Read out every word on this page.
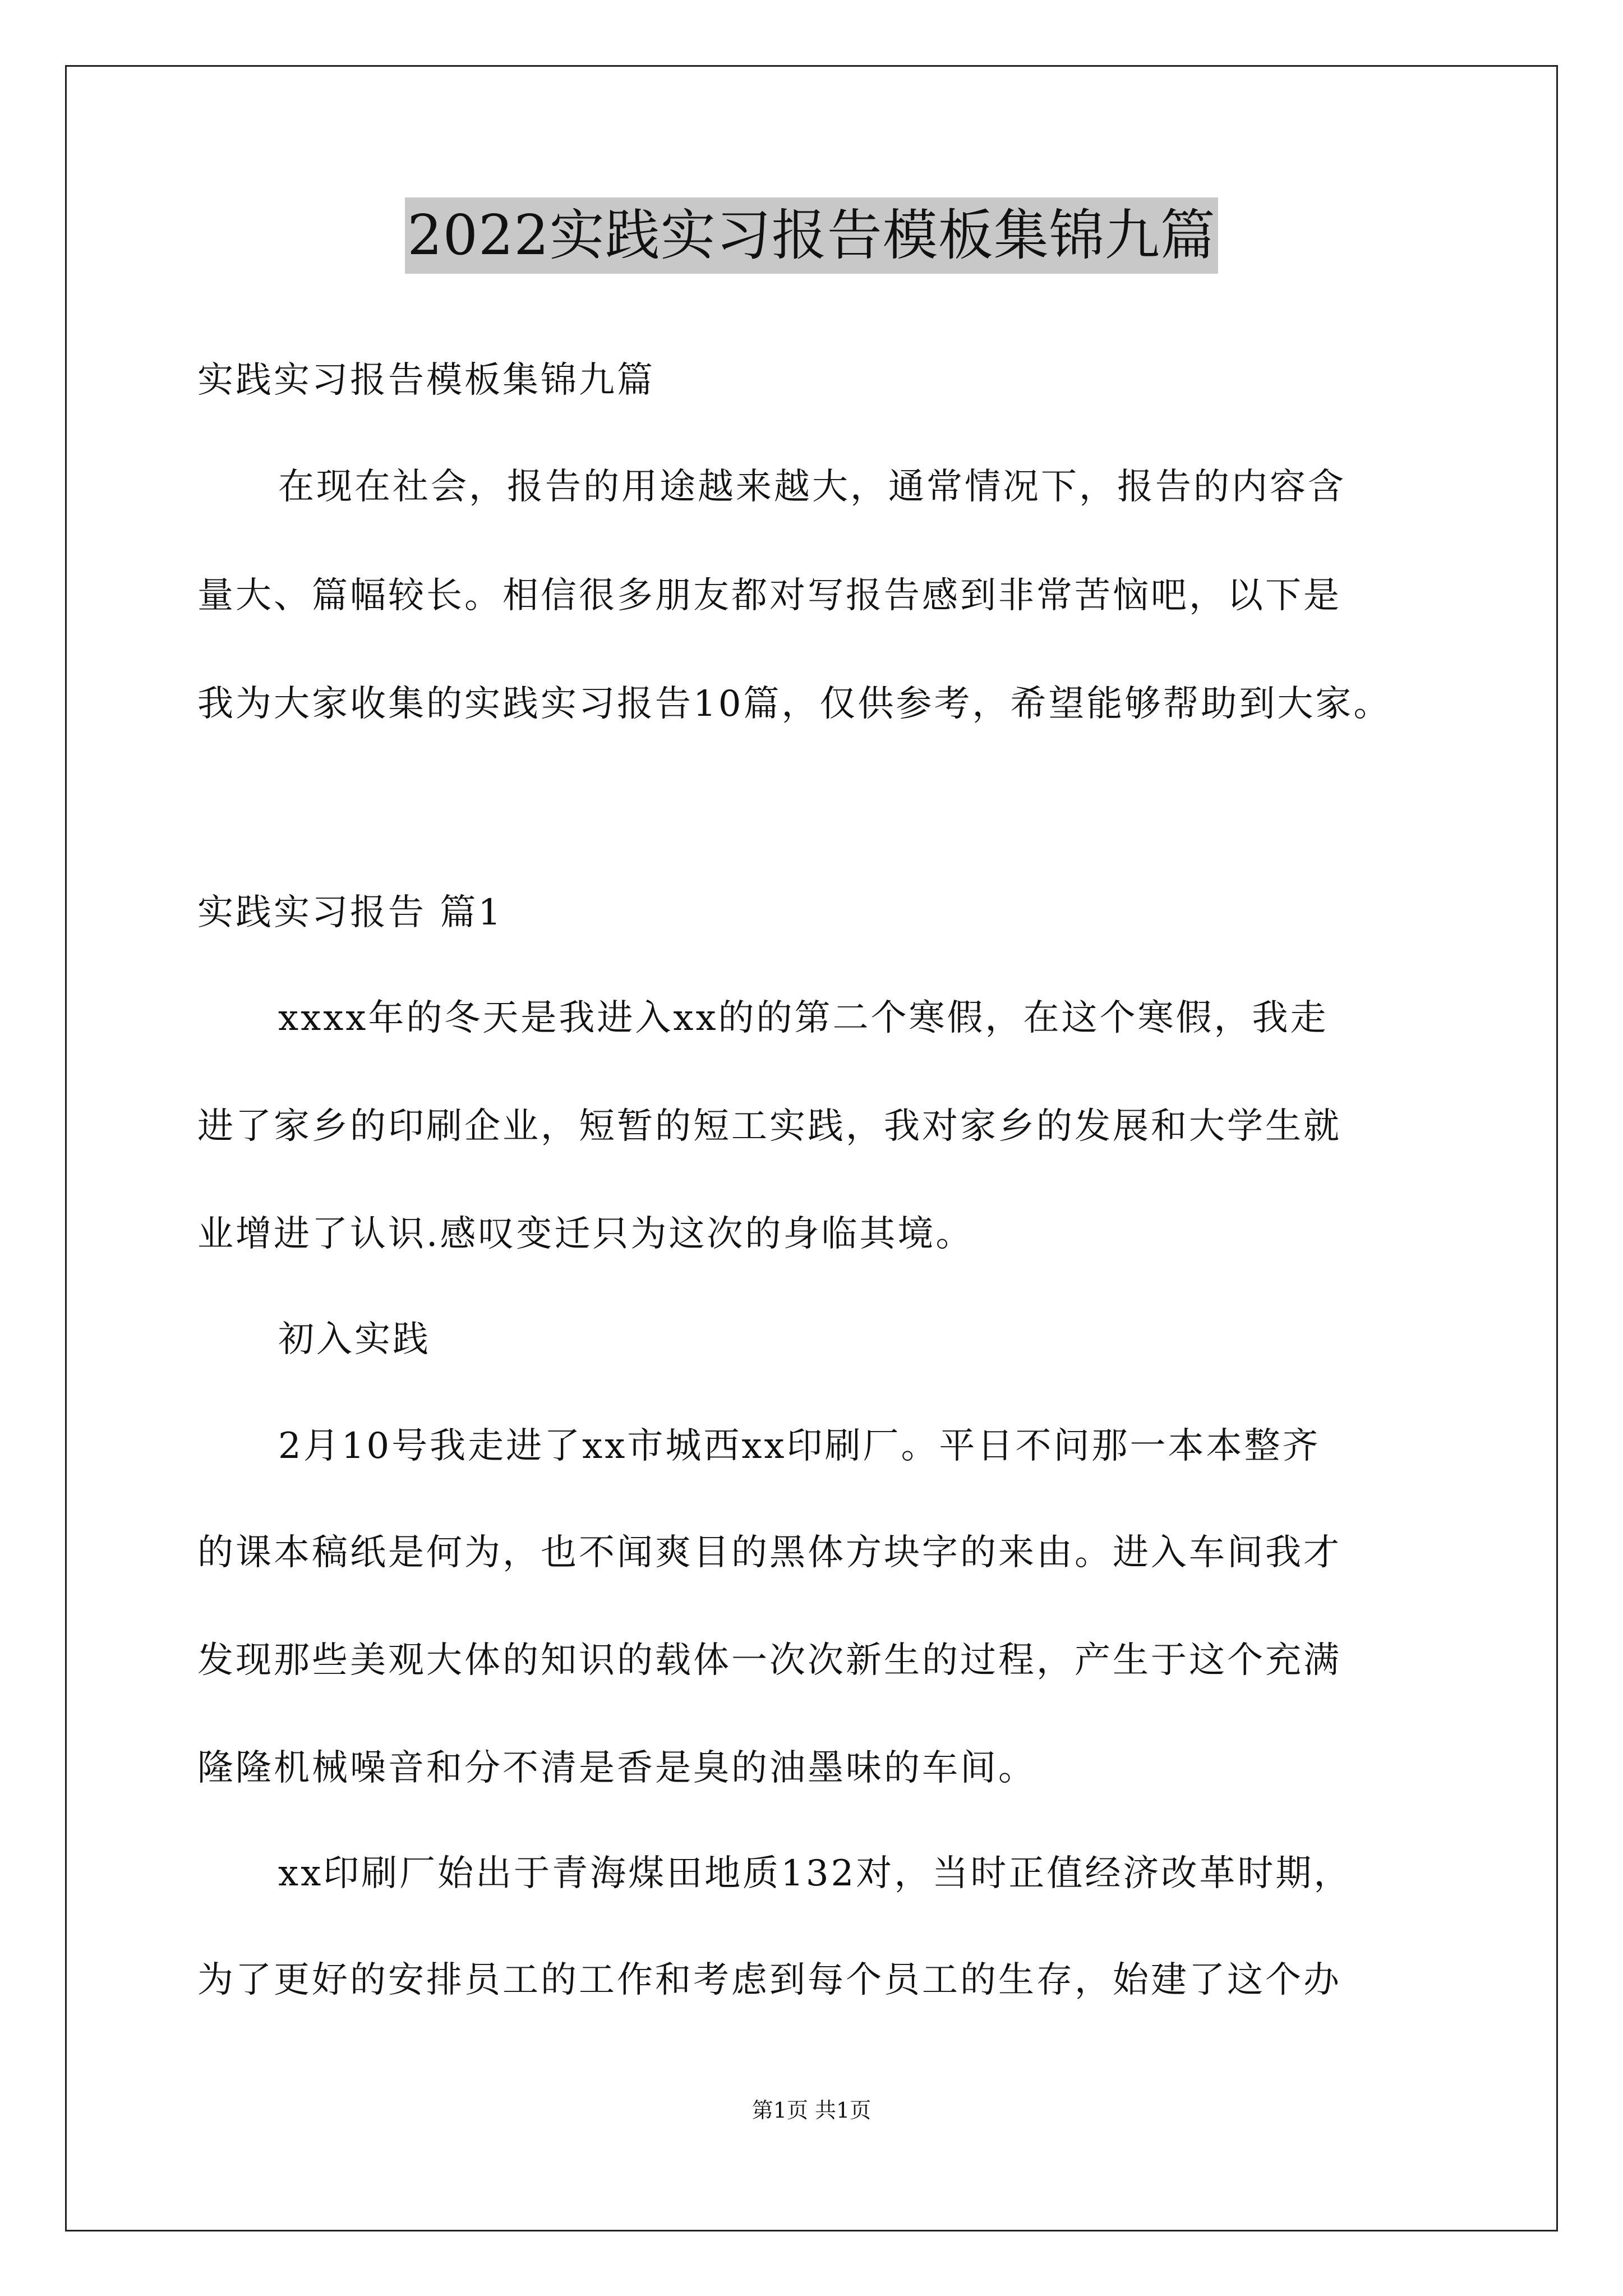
2022实践实习报告模板集锦九篇
实践实习报告模板集锦九篇
在现在社会，报告的用途越来越大，通常情况下，报告的内容含
量大、篇幅较长。相信很多朋友都对写报告感到非常苦恼吧，以下是
我为大家收集的实践实习报告10篇，仅供参考，希望能够帮助到大家。
实践实习报告 篇1
xxxx年的冬天是我进入xx的的第二个寒假，在这个寒假，我走
进了家乡的印刷企业，短暂的短工实践，我对家乡的发展和大学生就
业增进了认识.感叹变迁只为这次的身临其境。
初入实践
2月10号我走进了xx市城西xx印刷厂。平日不问那一本本整齐
的课本稿纸是何为，也不闻爽目的黑体方块字的来由。进入车间我才
发现那些美观大体的知识的载体一次次新生的过程，产生于这个充满
隆隆机械噪音和分不清是香是臭的油墨味的车间。
xx印刷厂始出于青海煤田地质132对，当时正值经济改革时期，
为了更好的安排员工的工作和考虑到每个员工的生存，始建了这个办
第1页 共1页
